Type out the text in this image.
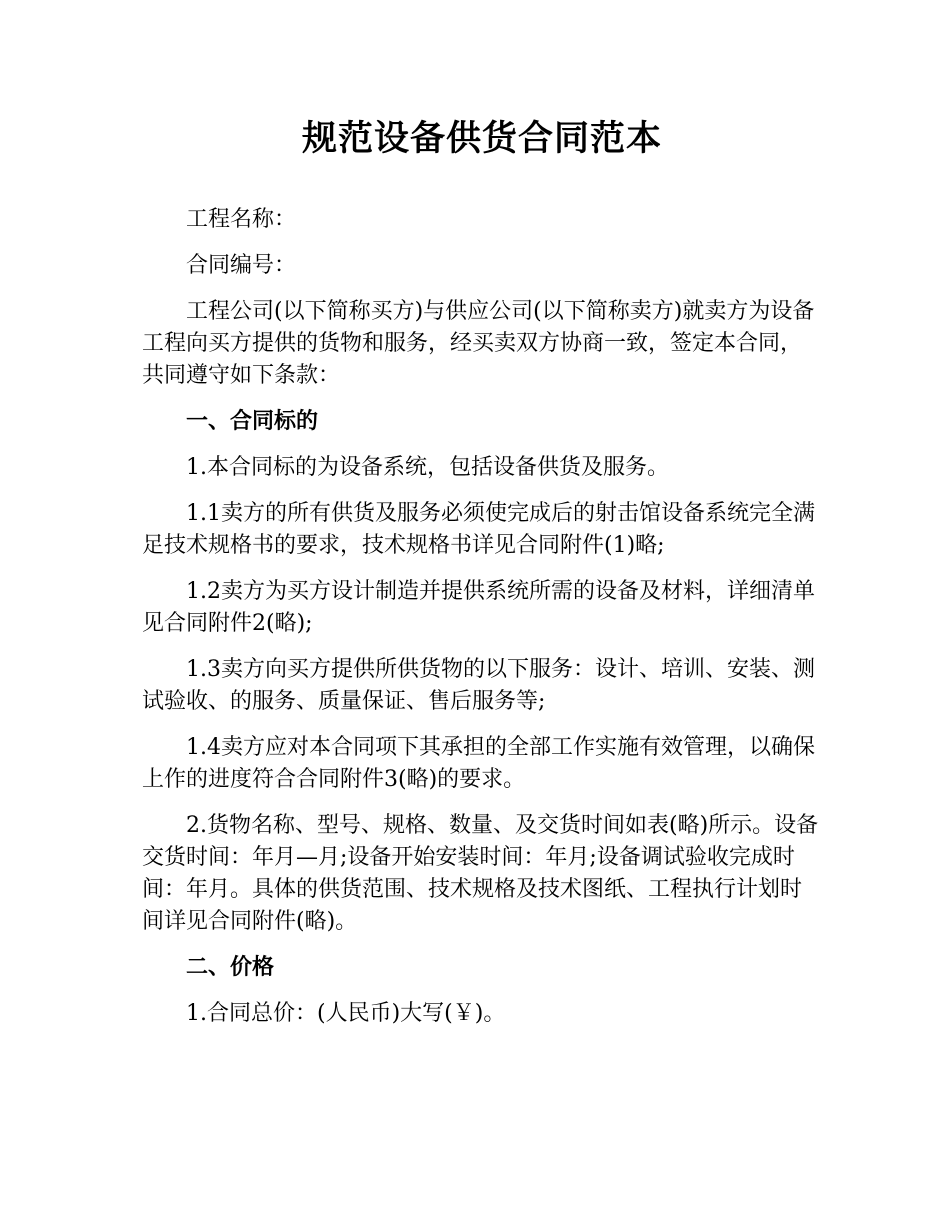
规范设备供货合同范本

工程名称：

合同编号：

工程公司(以下简称买方)与供应公司(以下简称卖方)就卖方为设备工程向买方提供的货物和服务，经买卖双方协商一致，签定本合同，共同遵守如下条款：

一、合同标的

1.本合同标的为设备系统，包括设备供货及服务。

1.1卖方的所有供货及服务必须使完成后的射击馆设备系统完全满足技术规格书的要求，技术规格书详见合同附件(1)略;

1.2卖方为买方设计制造并提供系统所需的设备及材料，详细清单见合同附件2(略);

1.3卖方向买方提供所供货物的以下服务：设计、培训、安装、测试验收、的服务、质量保证、售后服务等;

1.4卖方应对本合同项下其承担的全部工作实施有效管理，以确保上作的进度符合合同附件3(略)的要求。

2.货物名称、型号、规格、数量、及交货时间如表(略)所示。设备交货时间：年月—月;设备开始安装时间：年月;设备调试验收完成时间：年月。具体的供货范围、技术规格及技术图纸、工程执行计划时间详见合同附件(略)。

二、价格

1.合同总价：(人民币)大写(￥)。
